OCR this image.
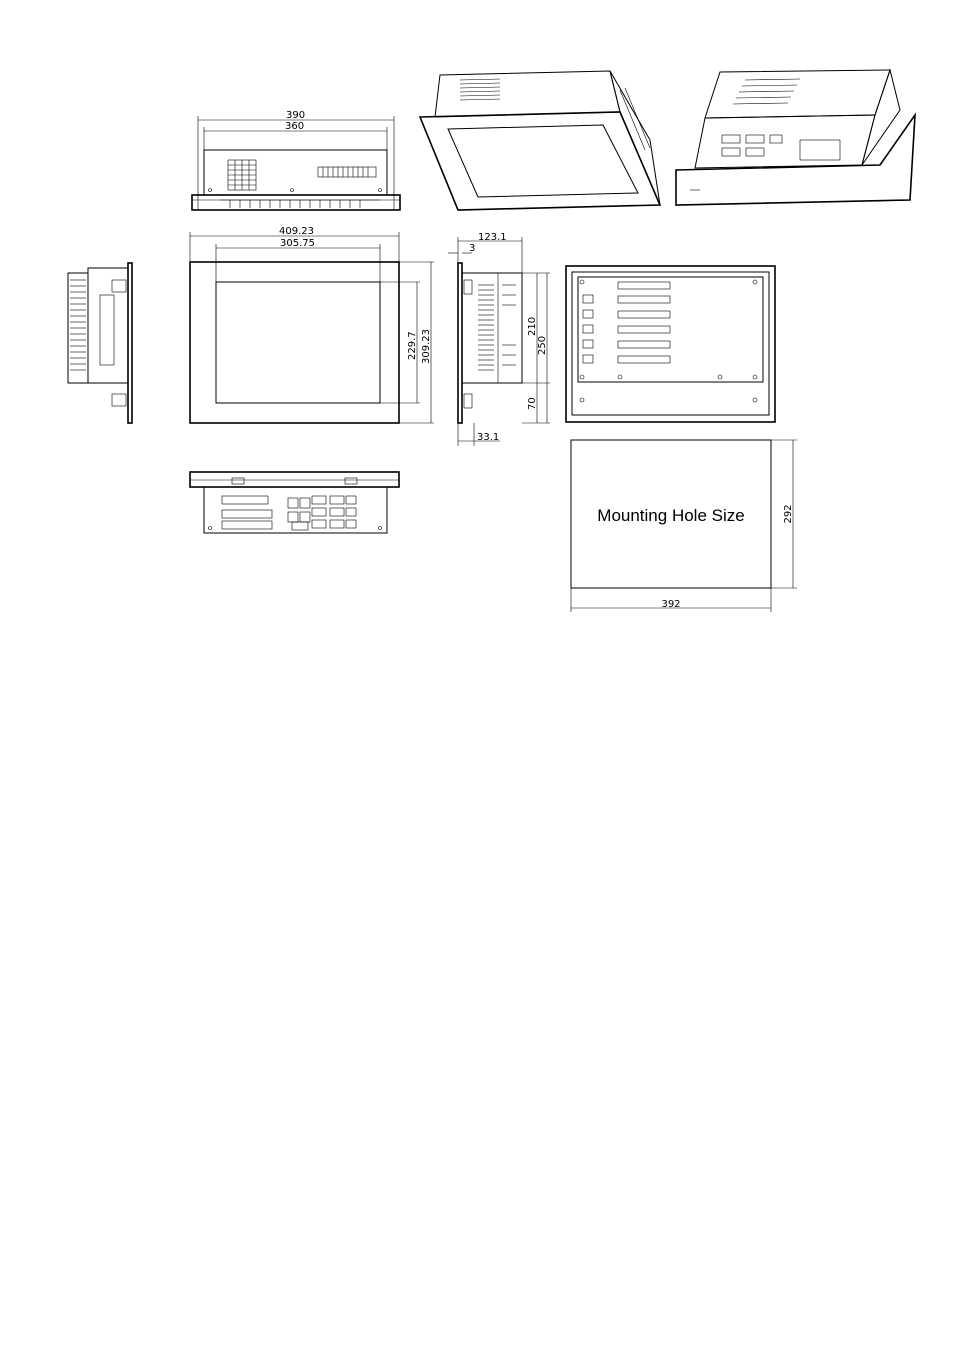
390
360
409.23
305.75
229.7 309.23
123.1
3
210
250
70
33.1
Mounting Hole Size
392
292
